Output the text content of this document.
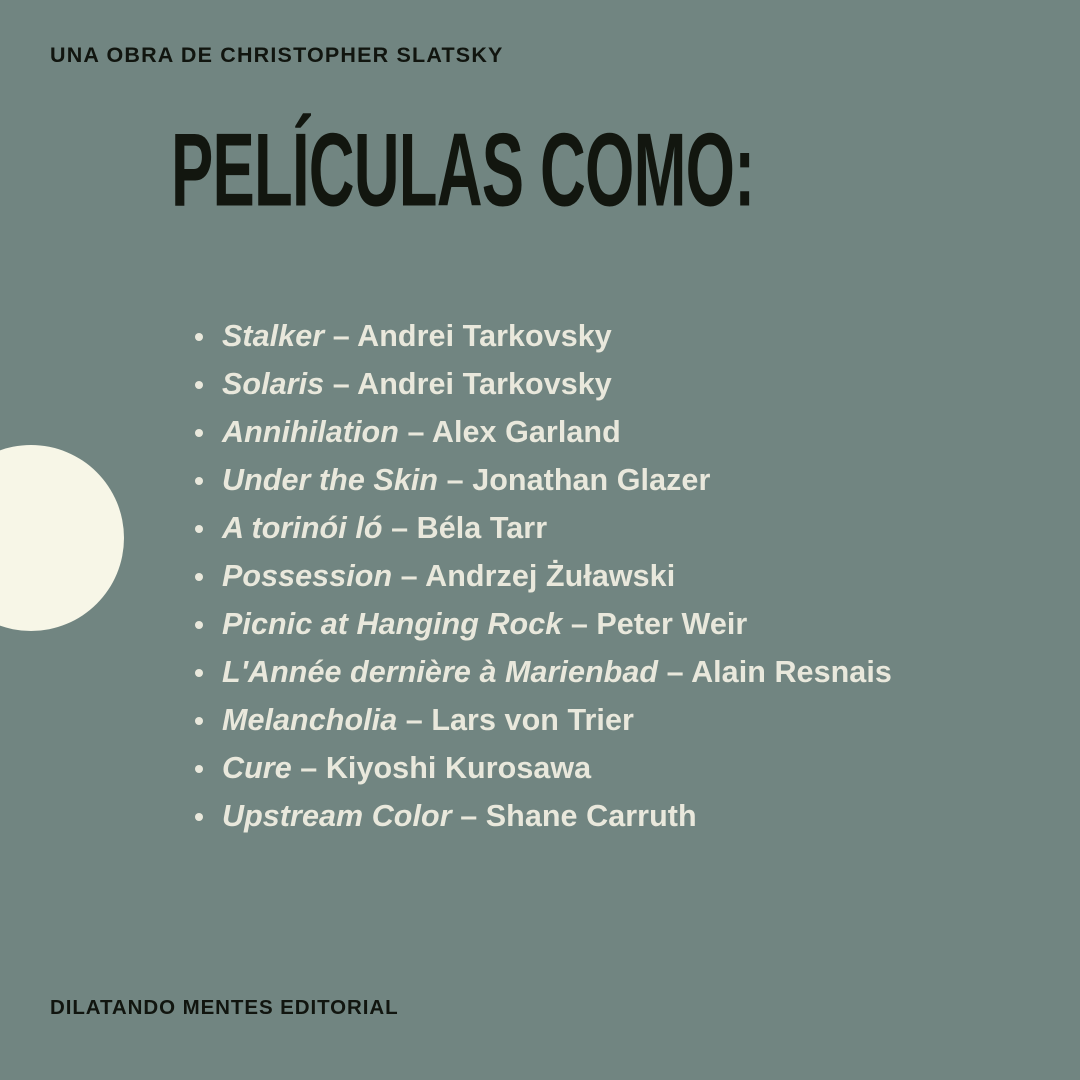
UNA OBRA DE CHRISTOPHER SLATSKY
PELÍCULAS COMO:
Stalker – Andrei Tarkovsky
Solaris – Andrei Tarkovsky
Annihilation – Alex Garland
Under the Skin – Jonathan Glazer
A torinói ló – Béla Tarr
Possession – Andrzej Żuławski
Picnic at Hanging Rock – Peter Weir
L'Année dernière à Marienbad – Alain Resnais
Melancholia – Lars von Trier
Cure – Kiyoshi Kurosawa
Upstream Color – Shane Carruth
DILATANDO MENTES EDITORIAL
